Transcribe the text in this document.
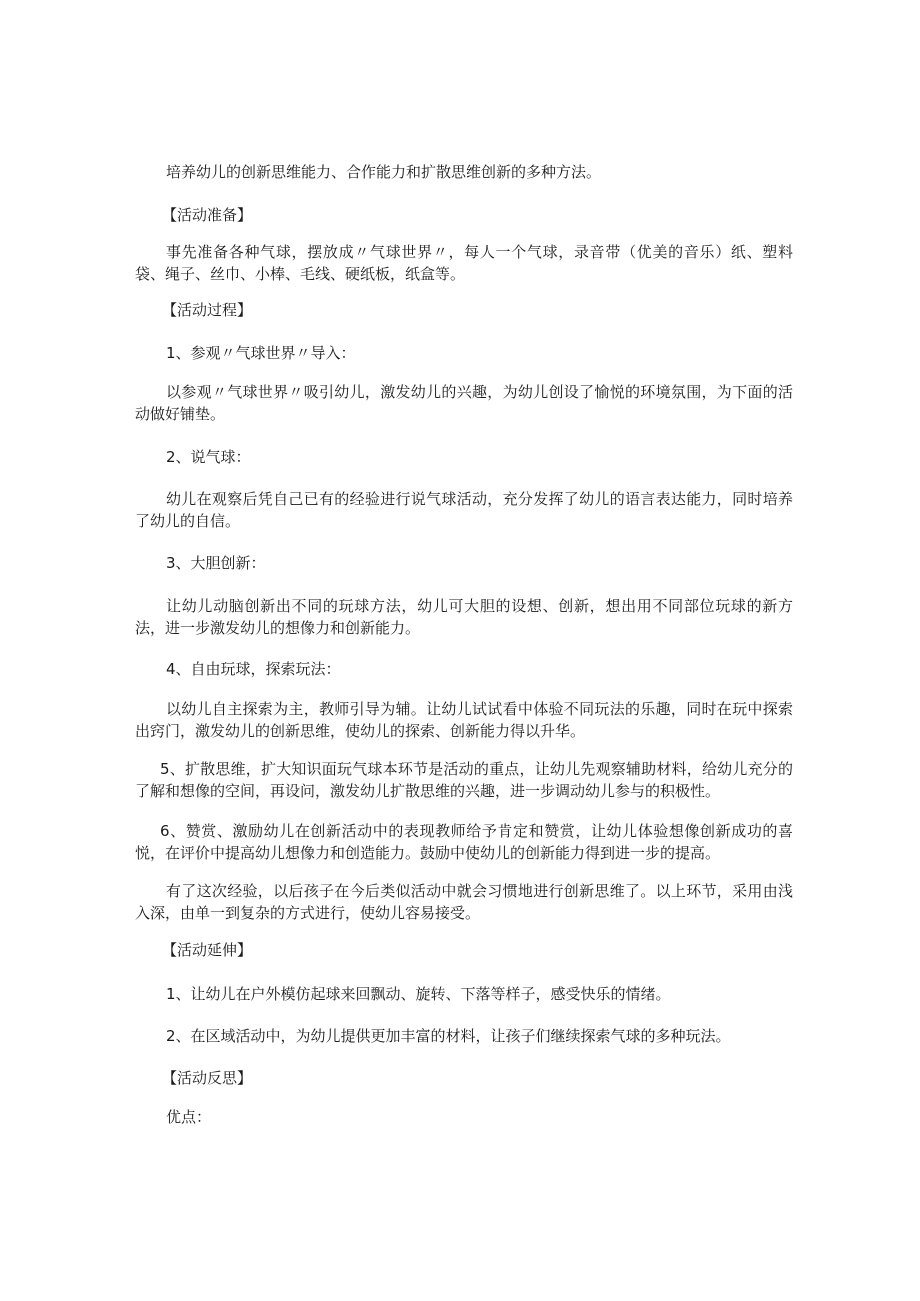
培养幼儿的创新思维能力、合作能力和扩散思维创新的多种方法。

【活动准备】

事先准备各种气球，摆放成〃气球世界〃，每人一个气球，录音带（优美的音乐）纸、塑料袋、绳子、丝巾、小棒、毛线、硬纸板，纸盒等。

【活动过程】

1、参观〃气球世界〃导入：

以参观〃气球世界〃吸引幼儿，激发幼儿的兴趣，为幼儿创设了愉悦的环境氛围，为下面的活动做好铺垫。

2、说气球：

幼儿在观察后凭自己已有的经验进行说气球活动，充分发挥了幼儿的语言表达能力，同时培养了幼儿的自信。

3、大胆创新：

让幼儿动脑创新出不同的玩球方法，幼儿可大胆的设想、创新，想出用不同部位玩球的新方法，进一步激发幼儿的想像力和创新能力。

4、自由玩球，探索玩法：

以幼儿自主探索为主，教师引导为辅。让幼儿试试看中体验不同玩法的乐趣，同时在玩中探索出窍门，激发幼儿的创新思维，使幼儿的探索、创新能力得以升华。

5、扩散思维，扩大知识面玩气球本环节是活动的重点，让幼儿先观察辅助材料，给幼儿充分的了解和想像的空间，再设问，激发幼儿扩散思维的兴趣，进一步调动幼儿参与的积极性。

6、赞赏、激励幼儿在创新活动中的表现教师给予肯定和赞赏，让幼儿体验想像创新成功的喜悦，在评价中提高幼儿想像力和创造能力。鼓励中使幼儿的创新能力得到进一步的提高。

有了这次经验，以后孩子在今后类似活动中就会习惯地进行创新思维了。以上环节，采用由浅入深，由单一到复杂的方式进行，使幼儿容易接受。

【活动延伸】

1、让幼儿在户外模仿起球来回飘动、旋转、下落等样子，感受快乐的情绪。

2、在区域活动中，为幼儿提供更加丰富的材料，让孩子们继续探索气球的多种玩法。

【活动反思】

优点：
